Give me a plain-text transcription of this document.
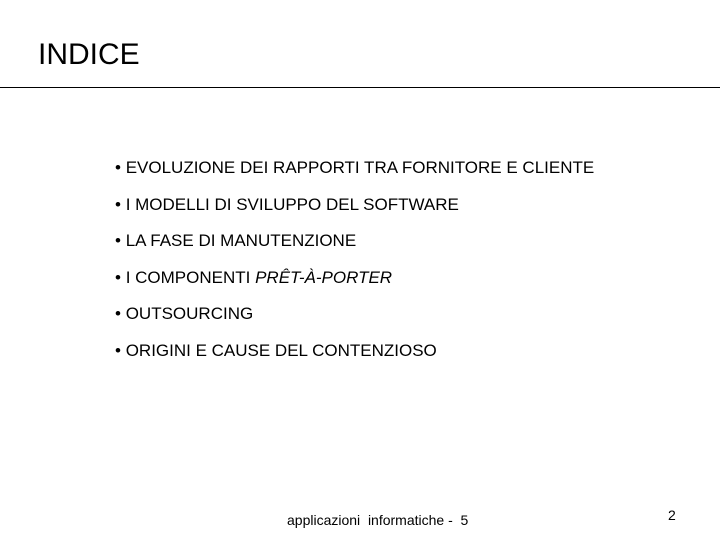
INDICE
• EVOLUZIONE DEI RAPPORTI TRA FORNITORE E CLIENTE
• I MODELLI DI SVILUPPO DEL SOFTWARE
• LA FASE DI MANUTENZIONE
• I COMPONENTI PRÊT-À-PORTER
• OUTSOURCING
• ORIGINI E CAUSE DEL CONTENZIOSO
applicazioni  informatiche -  5	2
